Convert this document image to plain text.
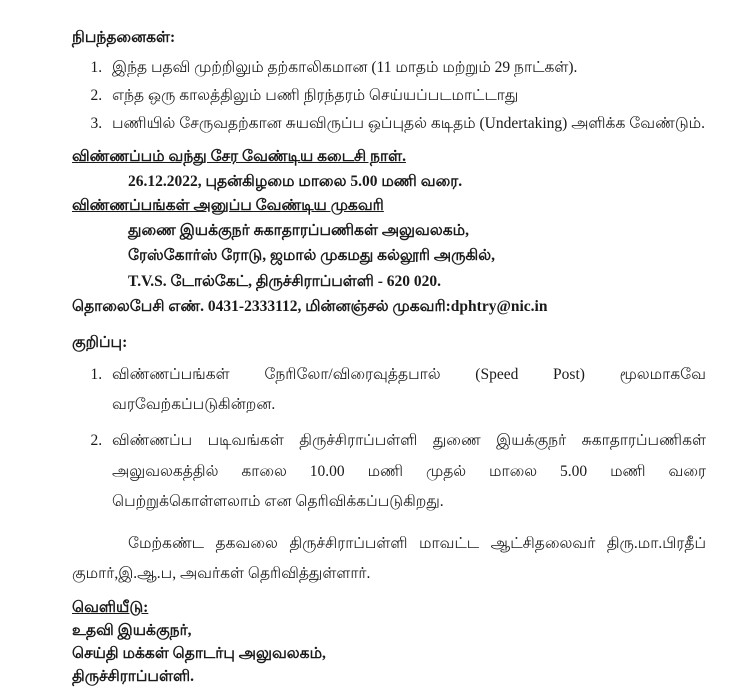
நிபந்தனைகள்:
1. இந்த பதவி முற்றிலும் தற்காலிகமான (11 மாதம் மற்றும் 29 நாட்கள்).
2. எந்த ஒரு காலத்திலும் பணி நிரந்தரம் செய்யப்படமாட்டாது
3. பணியில் சேருவதற்கான சுயவிருப்ப ஒப்புதல் கடிதம் (Undertaking) அளிக்க வேண்டும்.
விண்ணப்பம் வந்து சேர வேண்டிய கடைசி நாள்.
26.12.2022, புதன்கிழமை மாலை 5.00 மணி வரை.
விண்ணப்பங்கள் அனுப்ப வேண்டிய முகவரி
துணை இயக்குநர் சுகாதாரப்பணிகள் அலுவலகம்,
ரேஸ்கோர்ஸ் ரோடு, ஜமால் முகமது கல்லூரி அருகில்,
T.V.S. டோல்கேட், திருச்சிராப்பள்ளி - 620 020.
தொலைபேசி எண். 0431-2333112, மின்னஞ்சல் முகவரி:dphtry@nic.in
குறிப்பு:
1. விண்ணப்பங்கள் நேரிலோ/விரைவுத்தபால் (Speed Post) மூலமாகவே வரவேற்கப்படுகின்றன.
2. விண்ணப்ப படிவங்கள் திருச்சிராப்பள்ளி துணை இயக்குநர் சுகாதாரப்பணிகள் அலுவலகத்தில் காலை 10.00 மணி முதல் மாலை 5.00 மணி வரை பெற்றுக்கொள்ளலாம் என தெரிவிக்கப்படுகிறது.

மேற்கண்ட தகவலை திருச்சிராப்பள்ளி மாவட்ட ஆட்சிதலைவர் திரு.மா.பிரதீப் குமார்,இ.ஆ.ப, அவர்கள் தெரிவித்துள்ளார்.

வெளியீடு:
உதவி இயக்குநர்,
செய்தி மக்கள் தொடர்பு அலுவலகம்,
திருச்சிராப்பள்ளி.
